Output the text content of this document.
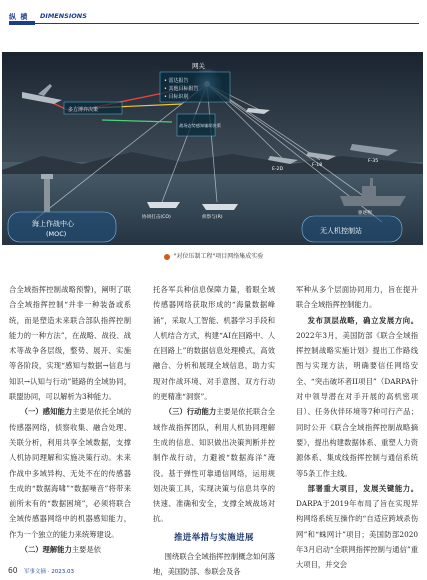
纵 横 DIMENSIONS
网关
• 雷达报告
• 其他目标报告
• 目标识别
多方博弈决策
战场态势感知辅助决策
协同打击(CO)	侦察与(R)
驱逐舰
E-2D
F-18
F-35
海上作战中心
(MOC)	无人机控制站
"对位压制工程"项目网络集成实验

合全域指挥控制战略预警)，阐明了联合全域指挥控制“并非一种装备或系统，而是塑造未来联合部队指挥控制能力的一种方法”，在战略、战役、战术等战争各层级，整势、展开、实施等各阶段，实现“感知与数据→信息与知识→认知与行动”链路的全域协同，联盟协同，可以解析为3种能力。

（一）感知能力主要是依托全域的传感器网络，侦察收集、融合处理、关联分析，利用共享全域数据，支撑人机协同理解和实施决策行动。未来作战中多域异构、无处不在的传感器生成的“数据海啸”“数据噪音”将带来前所未有的“数据困境”，必须将联合全域传感器网络中的机器感知能力，作为一个独立的能力来统筹建设。

（二）理解能力主要是依

托各军兵种信息保障力量，着眼全域传感器网络获取形成的“海量数据峰涌”，采取人工智能、机器学习手段和人机结合方式，构建“AI在回路中、人在回路上”的数据信息处理模式，高效融合、分析和展现全域信息，助力实现对作战环境、对手意图、双方行动的更精准“洞察”。

（三）行动能力主要是依托联合全域作战指挥团队，利用人机协同理解生成的信息、知识做出决策判断并控制作战行动，力避被“数据海洋”淹没。基于弹性可靠通信网络，运用规划决策工具，实现决策与信息共享的快速、准确和安全，支撑全域战场对抗。

推进举措与实施进展

围绕联合全域指挥控制概念如何落地，美国防部、参联会及各

军种从多个层面协同用力，旨在提升联合全域指挥控制能力。

发布顶层战略，确立发展方向。2022年3月，美国防部《联合全域指挥控制战略实施计划》提出工作路线图与实现方法，明确要信任网络安全、“突击破坏者II项目”（DARPA针对中领导潜在对手开展的高机密项目）、任务伙伴环境等7种可行产品；同时公开《联合全域指挥控制战略摘要》，提出构建数据体系、重塑人力资源体系、集成线指挥控制与通信系统等5条工作主线。

部署重大项目，发展关键能力。DARPA于2019年布局了旨在实现异构网络系统互操作的“自适应跨域杀伤网”和“蛛网计”项目；美国防部2020年3月启动“全联网指挥控制与通信”重大项目，并交会

60 军事文摘 · 2023.03
